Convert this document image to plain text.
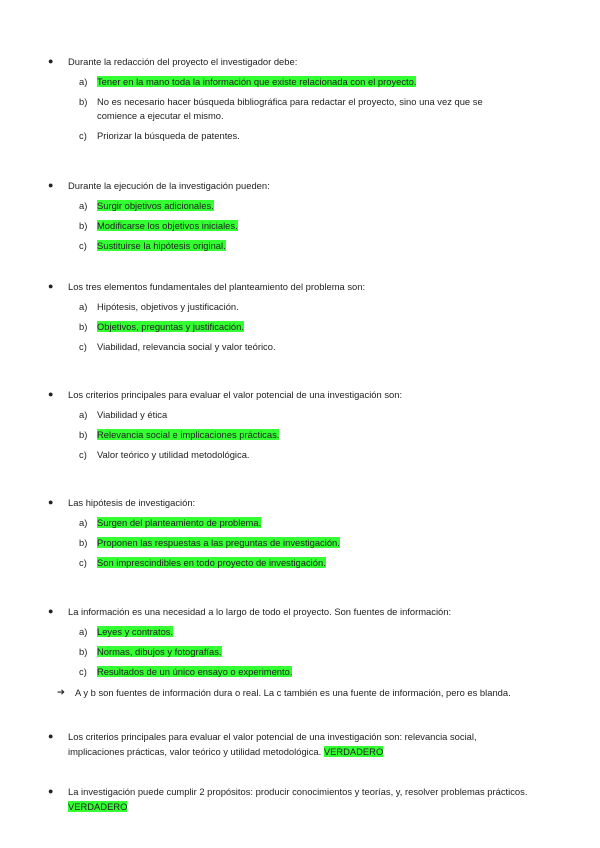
● Durante la redacción del proyecto el investigador debe:
a) Tener en la mano toda la información que existe relacionada con el proyecto.
b) No es necesario hacer búsqueda bibliográfica para redactar el proyecto, sino una vez que se comience a ejecutar el mismo.
c) Priorizar la búsqueda de patentes.
● Durante la ejecución de la investigación pueden:
a) Surgir objetivos adicionales.
b) Modificarse los objetivos iniciales.
c) Sustituirse la hipótesis original.
● Los tres elementos fundamentales del planteamiento del problema son:
a) Hipótesis, objetivos y justificación.
b) Objetivos, preguntas y justificación.
c) Viabilidad, relevancia social y valor teórico.
● Los criterios principales para evaluar el valor potencial de una investigación son:
a) Viabilidad y ética
b) Relevancia social e implicaciones prácticas.
c) Valor teórico y utilidad metodológica.
● Las hipótesis de investigación:
a) Surgen del planteamiento de problema.
b) Proponen las respuestas a las preguntas de investigación.
c) Son imprescindibles en todo proyecto de investigación.
● La información es una necesidad a lo largo de todo el proyecto. Son fuentes de información:
a) Leyes y contratos.
b) Normas, dibujos y fotografías.
c) Resultados de un único ensayo o experimento.
➔ A y b son fuentes de información dura o real. La c también es una fuente de información, pero es blanda.
● Los criterios principales para evaluar el valor potencial de una investigación son: relevancia social, implicaciones prácticas, valor teórico y utilidad metodológica. VERDADERO
● La investigación puede cumplir 2 propósitos: producir conocimientos y teorías, y, resolver problemas prácticos. VERDADERO
